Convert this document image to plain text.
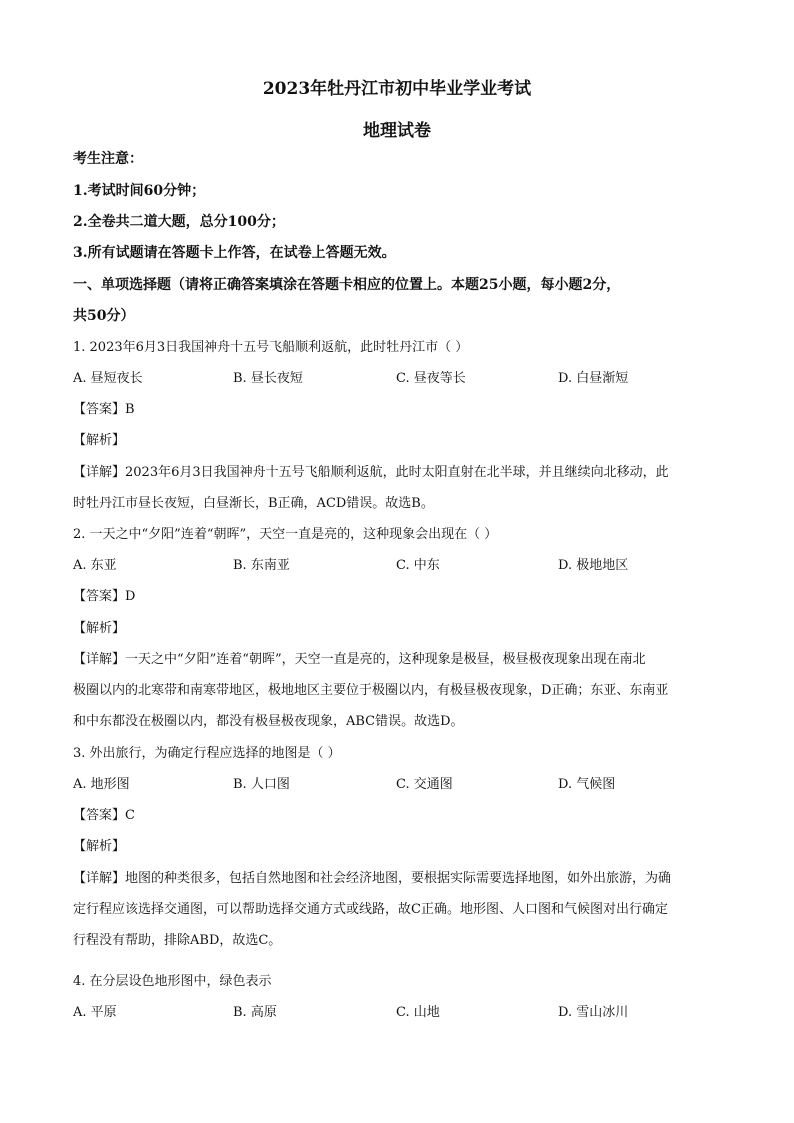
2023年牡丹江市初中毕业学业考试
地理试卷
考生注意：
1.考试时间60分钟；
2.全卷共二道大题，总分100分；
3.所有试题请在答题卡上作答，在试卷上答题无效。
一、单项选择题（请将正确答案填涂在答题卡相应的位置上。本题25小题，每小题2分，
共50分）
1. 2023年6月3日我国神舟十五号飞船顺利返航，此时牡丹江市（ ）
A. 昼短夜长	B. 昼长夜短	C. 昼夜等长	D. 白昼渐短
【答案】B
【解析】
【详解】2023年6月3日我国神舟十五号飞船顺利返航，此时太阳直射在北半球，并且继续向北移动，此
时牡丹江市昼长夜短，白昼渐长，B正确，ACD错误。故选B。
2. 一天之中“夕阳”连着“朝晖”，天空一直是亮的，这种现象会出现在（ ）
A. 东亚	B. 东南亚	C. 中东	D. 极地地区
【答案】D
【解析】
【详解】一天之中“夕阳”连着“朝晖”，天空一直是亮的，这种现象是极昼，极昼极夜现象出现在南北
极圈以内的北寒带和南寒带地区，极地地区主要位于极圈以内，有极昼极夜现象，D正确；东亚、东南亚
和中东都没在极圈以内，都没有极昼极夜现象，ABC错误。故选D。
3. 外出旅行，为确定行程应选择的地图是（ ）
A. 地形图	B. 人口图	C. 交通图	D. 气候图
【答案】C
【解析】
【详解】地图的种类很多，包括自然地图和社会经济地图，要根据实际需要选择地图，如外出旅游，为确
定行程应该选择交通图，可以帮助选择交通方式或线路，故C正确。地形图、人口图和气候图对出行确定
行程没有帮助，排除ABD，故选C。
4. 在分层设色地形图中，绿色表示
A. 平原	B. 高原	C. 山地	D. 雪山冰川
